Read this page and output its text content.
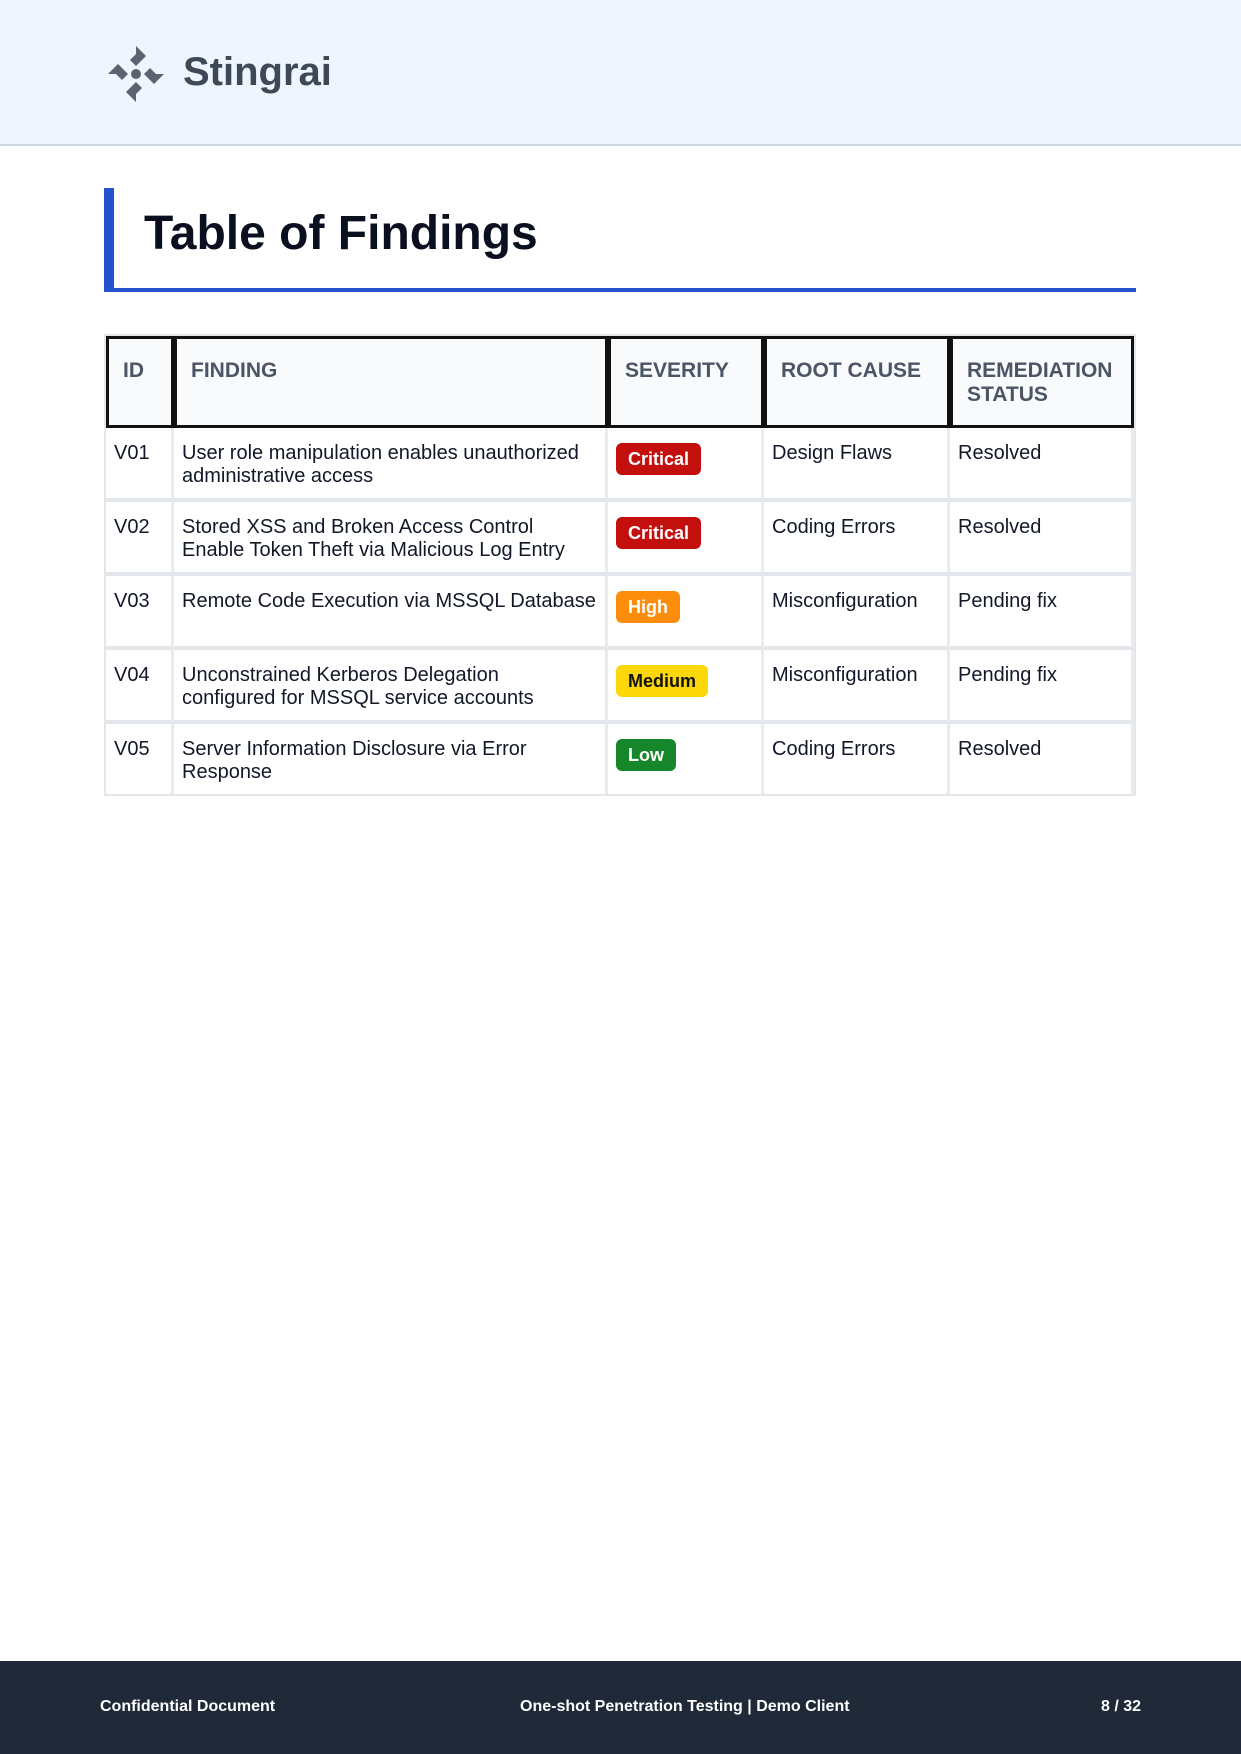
Stingrai
Table of Findings
ID	FINDING	SEVERITY	ROOT CAUSE	REMEDIATION STATUS
V01	User role manipulation enables unauthorized administrative access	Critical	Design Flaws	Resolved
V02	Stored XSS and Broken Access Control Enable Token Theft via Malicious Log Entry	Critical	Coding Errors	Resolved
V03	Remote Code Execution via MSSQL Database	High	Misconfiguration	Pending fix
V04	Unconstrained Kerberos Delegation configured for MSSQL service accounts	Medium	Misconfiguration	Pending fix
V05	Server Information Disclosure via Error Response	Low	Coding Errors	Resolved
Confidential Document	One-shot Penetration Testing | Demo Client	8 / 32
